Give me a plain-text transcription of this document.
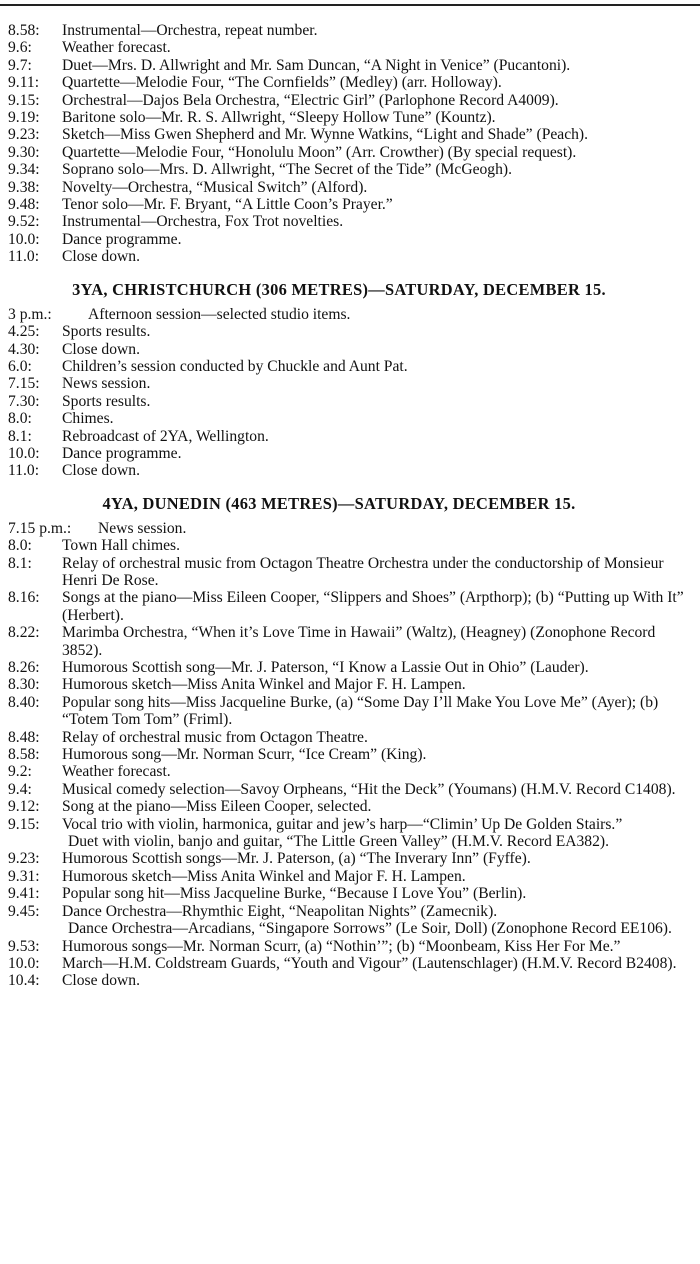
8.58:	Instrumental—Orchestra, repeat number.
9.6:	Weather forecast.
9.7:	Duet—Mrs. D. Allwright and Mr. Sam Duncan, “A Night in Venice” (Pucantoni).
9.11:	Quartette—Melodie Four, “The Cornfields” (Medley) (arr. Holloway).
9.15:	Orchestral—Dajos Bela Orchestra, “Electric Girl” (Parlophone Record A4009).
9.19:	Baritone solo—Mr. R. S. Allwright, “Sleepy Hollow Tune” (Kountz).
9.23:	Sketch—Miss Gwen Shepherd and Mr. Wynne Watkins, “Light and Shade” (Peach).
9.30:	Quartette—Melodie Four, “Honolulu Moon” (Arr. Crowther) (By special request).
9.34:	Soprano solo—Mrs. D. Allwright, “The Secret of the Tide” (McGeogh).
9.38:	Novelty—Orchestra, “Musical Switch” (Alford).
9.48:	Tenor solo—Mr. F. Bryant, “A Little Coon’s Prayer.”
9.52:	Instrumental—Orchestra, Fox Trot novelties.
10.0:	Dance programme.
11.0:	Close down.
3YA, CHRISTCHURCH (306 METRES)—SATURDAY, DECEMBER 15.
3 p.m.:	Afternoon session—selected studio items.
4.25:	Sports results.
4.30:	Close down.
6.0:	Children’s session conducted by Chuckle and Aunt Pat.
7.15:	News session.
7.30:	Sports results.
8.0:	Chimes.
8.1:	Rebroadcast of 2YA, Wellington.
10.0:	Dance programme.
11.0:	Close down.
4YA, DUNEDIN (463 METRES)—SATURDAY, DECEMBER 15.
7.15 p.m.:	News session.
8.0:	Town Hall chimes.
8.1:	Relay of orchestral music from Octagon Theatre Orchestra under the conductorship of Monsieur Henri De Rose.
8.16:	Songs at the piano—Miss Eileen Cooper, “Slippers and Shoes” (Arpthorp); (b) “Putting up With It” (Herbert).
8.22:	Marimba Orchestra, “When it’s Love Time in Hawaii” (Waltz), (Heagney) (Zonophone Record 3852).
8.26:	Humorous Scottish song—Mr. J. Paterson, “I Know a Lassie Out in Ohio” (Lauder).
8.30:	Humorous sketch—Miss Anita Winkel and Major F. H. Lampen.
8.40:	Popular song hits—Miss Jacqueline Burke, (a) “Some Day I’ll Make You Love Me” (Ayer); (b) “Totem Tom Tom” (Friml).
8.48:	Relay of orchestral music from Octagon Theatre.
8.58:	Humorous song—Mr. Norman Scurr, “Ice Cream” (King).
9.2:	Weather forecast.
9.4:	Musical comedy selection—Savoy Orpheans, “Hit the Deck” (Youmans) (H.M.V. Record C1408).
9.12:	Song at the piano—Miss Eileen Cooper, selected.
9.15:	Vocal trio with violin, harmonica, guitar and jew’s harp—“Climin’ Up De Golden Stairs.”
Duet with violin, banjo and guitar, “The Little Green Valley” (H.M.V. Record EA382).
9.23:	Humorous Scottish songs—Mr. J. Paterson, (a) “The Inverary Inn” (Fyffe).
9.31:	Humorous sketch—Miss Anita Winkel and Major F. H. Lampen.
9.41:	Popular song hit—Miss Jacqueline Burke, “Because I Love You” (Berlin).
9.45:	Dance Orchestra—Rhymthic Eight, “Neapolitan Nights” (Zamecnik).
Dance Orchestra—Arcadians, “Singapore Sorrows” (Le Soir, Doll) (Zonophone Record EE106).
9.53:	Humorous songs—Mr. Norman Scurr, (a) “Nothin’”; (b) “Moonbeam, Kiss Her For Me.”
10.0:	March—H.M. Coldstream Guards, “Youth and Vigour” (Lautenschlager) (H.M.V. Record B2408).
10.4:	Close down.
